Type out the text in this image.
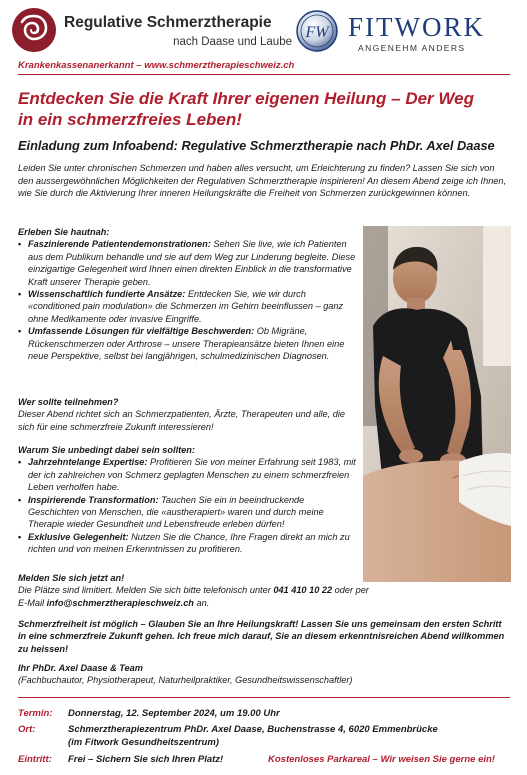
Regulative Schmerztherapie
nach Daase und Laube
FW FITWORK
ANGENEHM ANDERS
Krankenkassenanerkannt – www.schmerztherapieschweiz.ch
Entdecken Sie die Kraft Ihrer eigenen Heilung – Der Weg
in ein schmerzfreies Leben!
Einladung zum Infoabend: Regulative Schmerztherapie nach PhDr. Axel Daase
Leiden Sie unter chronischen Schmerzen und haben alles versucht, um Erleichterung zu finden? Lassen Sie sich von den aussergewöhnlichen Möglichkeiten der Regulativen Schmerztherapie inspirieren! An diesem Abend zeige ich Ihnen, wie Sie durch die Aktivierung Ihrer inneren Heilungskräfte die Freiheit von Schmerzen zurückgewinnen können.
Erleben Sie hautnah:
• Faszinierende Patientendemonstrationen: Sehen Sie live, wie ich Patienten aus dem Publikum behandle und sie auf dem Weg zur Linderung begleite. Diese einzigartige Gelegenheit wird Ihnen einen direkten Einblick in die transformative Kraft unserer Therapie geben.
• Wissenschaftlich fundierte Ansätze: Entdecken Sie, wie wir durch «conditioned pain modulation» die Schmerzen im Gehirn beeinflussen – ganz ohne Medikamente oder invasive Eingriffe.
• Umfassende Lösungen für vielfältige Beschwerden: Ob Migräne, Rückenschmerzen oder Arthrose – unsere Therapieansätze bieten Ihnen eine neue Perspektive, selbst bei langjährigen, schulmedizinischen Diagnosen.
Wer sollte teilnehmen?
Dieser Abend richtet sich an Schmerzpatienten, Ärzte, Therapeuten und alle, die sich für eine schmerzfreie Zukunft interessieren!
Warum Sie unbedingt dabei sein sollten:
• Jahrzehntelange Expertise: Profitieren Sie von meiner Erfahrung seit 1983, mit der ich zahlreichen von Schmerz geplagten Menschen zu einem schmerzfreien Leben verholfen habe.
• Inspirierende Transformation: Tauchen Sie ein in beeindruckende Geschichten von Menschen, die «austherapiert» waren und durch meine Therapie wieder Gesundheit und Lebensfreude erleben dürfen!
• Exklusive Gelegenheit: Nutzen Sie die Chance, Ihre Fragen direkt an mich zu richten und von meinen Erkenntnissen zu profitieren.
Melden Sie sich jetzt an!
Die Plätze sind limitiert. Melden Sie sich bitte telefonisch unter 041 410 10 22 oder per
E-Mail info@schmerztherapieschweiz.ch an.
Schmerzfreiheit ist möglich – Glauben Sie an Ihre Heilungskraft! Lassen Sie uns gemeinsam den ersten Schritt in eine schmerzfreie Zukunft gehen. Ich freue mich darauf, Sie an diesem erkenntnisreichen Abend willkommen zu heissen!
Ihr PhDr. Axel Daase & Team
(Fachbuchautor, Physiotherapeut, Naturheilpraktiker, Gesundheitswissenschaftler)
Termin: Donnerstag, 12. September 2024, um 19.00 Uhr
Ort:	Schmerztherapiezentrum PhDr. Axel Daase, Buchenstrasse 4, 6020 Emmenbrücke
(im Fitwork Gesundheitszentrum)
Eintritt: Frei – Sichern Sie sich Ihren Platz!	Kostenloses Parkareal – Wir weisen Sie gerne ein!
